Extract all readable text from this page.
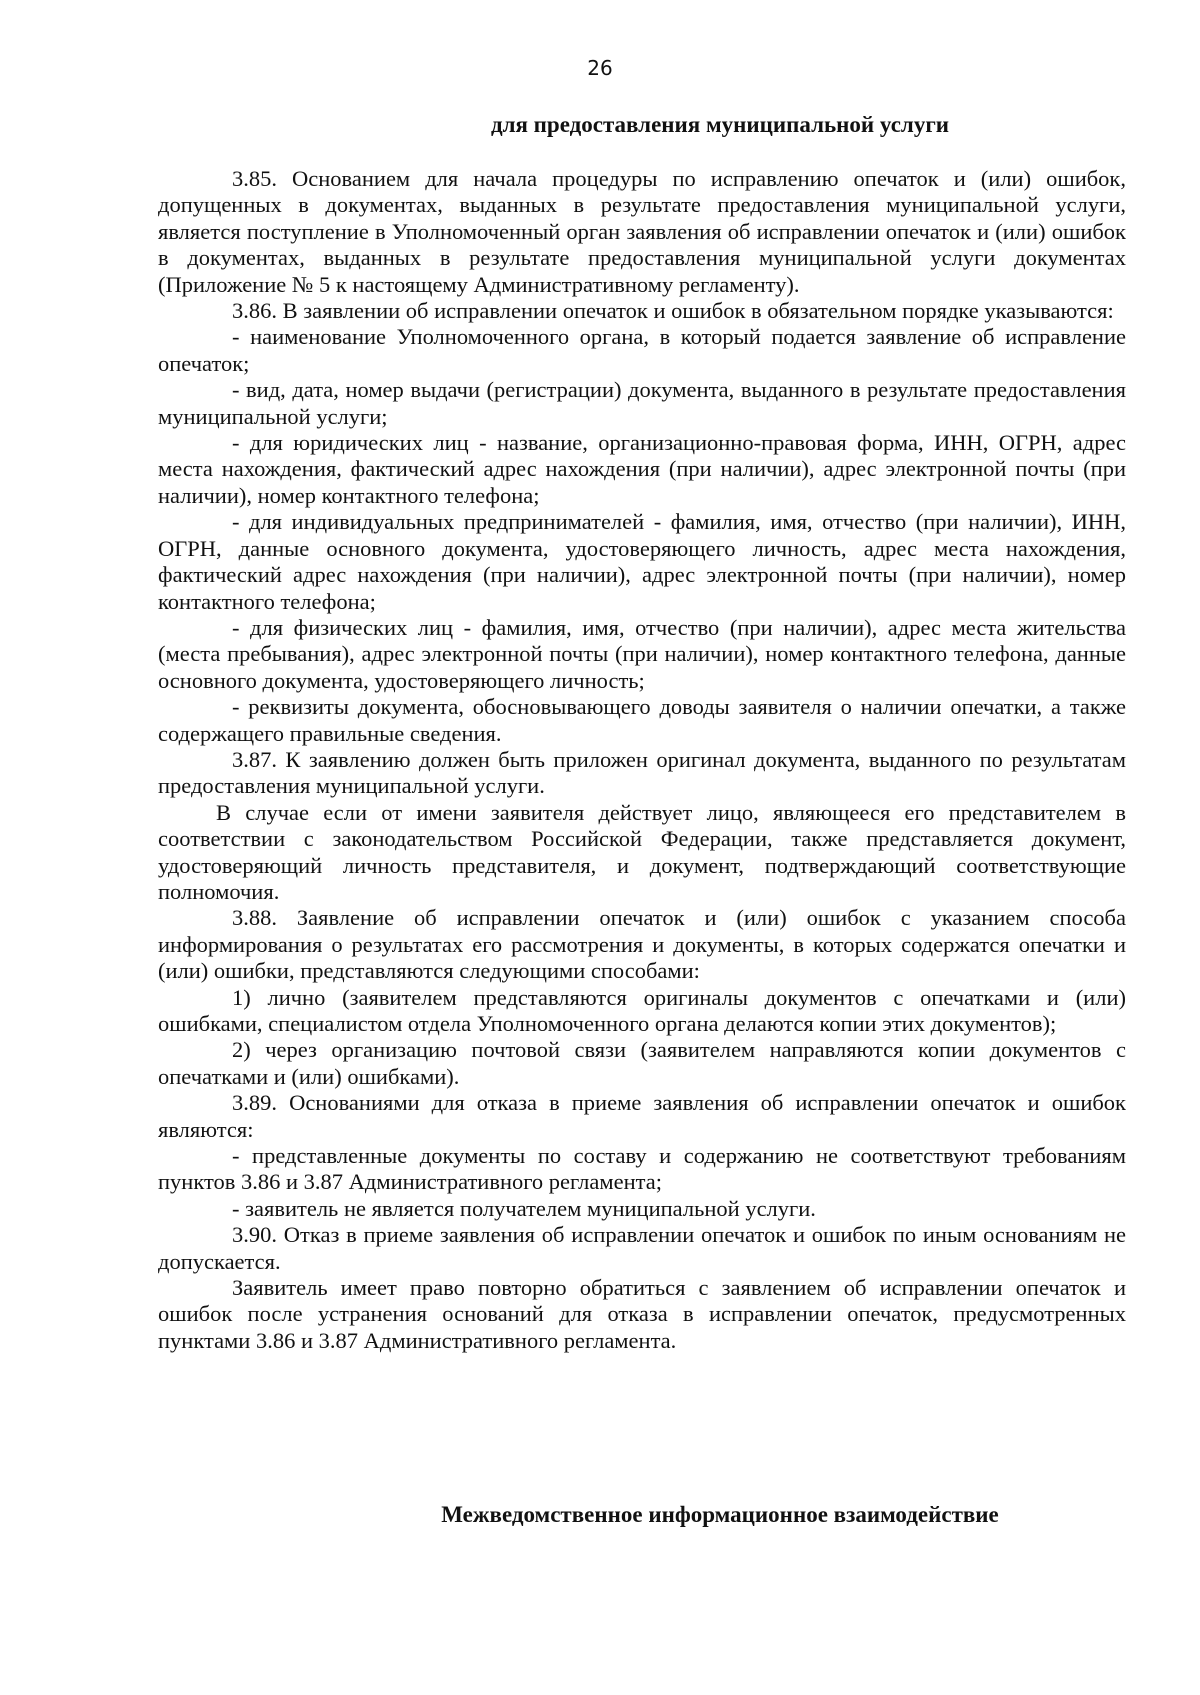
26
для предоставления муниципальной услуги

3.85. Основанием для начала процедуры по исправлению опечаток и (или) ошибок, допущенных в документах, выданных в результате предоставления муниципальной услуги, является поступление в Уполномоченный орган заявления об исправлении опечаток и (или) ошибок в документах, выданных в результате предоставления муниципальной услуги документах (Приложение № 5 к настоящему Административному регламенту).

3.86. В заявлении об исправлении опечаток и ошибок в обязательном порядке указываются:

- наименование Уполномоченного органа, в который подается заявление об исправление опечаток;

- вид, дата, номер выдачи (регистрации) документа, выданного в результате предоставления муниципальной услуги;

- для юридических лиц - название, организационно-правовая форма, ИНН, ОГРН, адрес места нахождения, фактический адрес нахождения (при наличии), адрес электронной почты (при наличии), номер контактного телефона;

- для индивидуальных предпринимателей - фамилия, имя, отчество (при наличии), ИНН, ОГРН, данные основного документа, удостоверяющего личность, адрес места нахождения, фактический адрес нахождения (при наличии), адрес электронной почты (при наличии), номер контактного телефона;

- для физических лиц - фамилия, имя, отчество (при наличии), адрес места жительства (места пребывания), адрес электронной почты (при наличии), номер контактного телефона, данные основного документа, удостоверяющего личность;

- реквизиты документа, обосновывающего доводы заявителя о наличии опечатки, а также содержащего правильные сведения.

3.87. К заявлению должен быть приложен оригинал документа, выданного по результатам предоставления муниципальной услуги.

В случае если от имени заявителя действует лицо, являющееся его представителем в соответствии с законодательством Российской Федерации, также представляется документ, удостоверяющий личность представителя, и документ, подтверждающий соответствующие полномочия.

3.88. Заявление об исправлении опечаток и (или) ошибок с указанием способа информирования о результатах его рассмотрения и документы, в которых содержатся опечатки и (или) ошибки, представляются следующими способами:

1) лично (заявителем представляются оригиналы документов с опечатками и (или) ошибками, специалистом отдела Уполномоченного органа делаются копии этих документов);

2) через организацию почтовой связи (заявителем направляются копии документов с опечатками и (или) ошибками).

3.89. Основаниями для отказа в приеме заявления об исправлении опечаток и ошибок являются:

- представленные документы по составу и содержанию не соответствуют требованиям пунктов 3.86 и 3.87 Административного регламента;

- заявитель не является получателем муниципальной услуги.

3.90. Отказ в приеме заявления об исправлении опечаток и ошибок по иным основаниям не допускается.

Заявитель имеет право повторно обратиться с заявлением об исправлении опечаток и ошибок после устранения оснований для отказа в исправлении опечаток, предусмотренных пунктами 3.86 и 3.87 Административного регламента.

Межведомственное информационное взаимодействие
